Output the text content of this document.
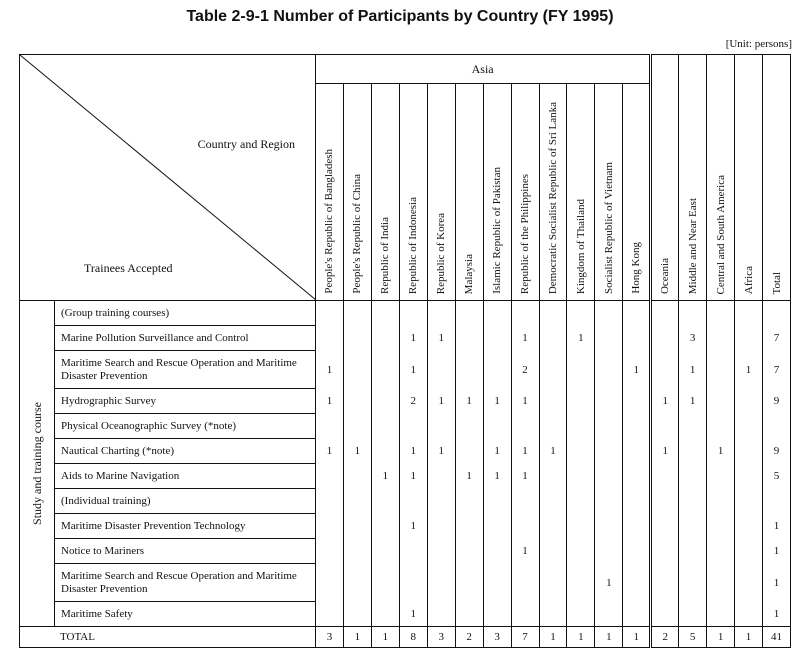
Table 2-9-1 Number of Participants by Country (FY 1995)
[Unit: persons]
Country and Region
Trainees Accepted		Asia												Oceania	Middle and Near East	Central and South America	Africa	Total

		People's Republic of Bangladesh	People's Republic of China	Republic of India	Republic of Indonesia	Republic of Korea	Malaysia	Islamic Republic of Pakistan	Republic of the Philippines	Democratic Socialist Republic of Sri Lanka	Kingdom of Thailand	Socialist Republic of Vietnam	Hong Kong					

Study and training course	(Group training courses)																	
	Marine Pollution Surveillance and Control				1	1			1		1				3			7
	Maritime Search and Rescue Operation and Maritime Disaster Prevention	1			1				2				1		1		1	7
	Hydrographic Survey	1			2	1	1	1	1					1	1			9
	Physical Oceanographic Survey (*note)																	
	Nautical Charting (*note)	1	1		1	1		1	1	1				1		1		9
	Aids to Marine Navigation			1	1		1	1	1									5
	(Individual training)																	
	Maritime Disaster Prevention Technology				1													1
	Notice to Mariners								1									1
	Maritime Search and Rescue Operation and Maritime Disaster Prevention											1						1
	Maritime Safety				1													1
TOTAL		3	1	1	8	3	2	3	7	1	1	1	1	2	5	1	1	41
